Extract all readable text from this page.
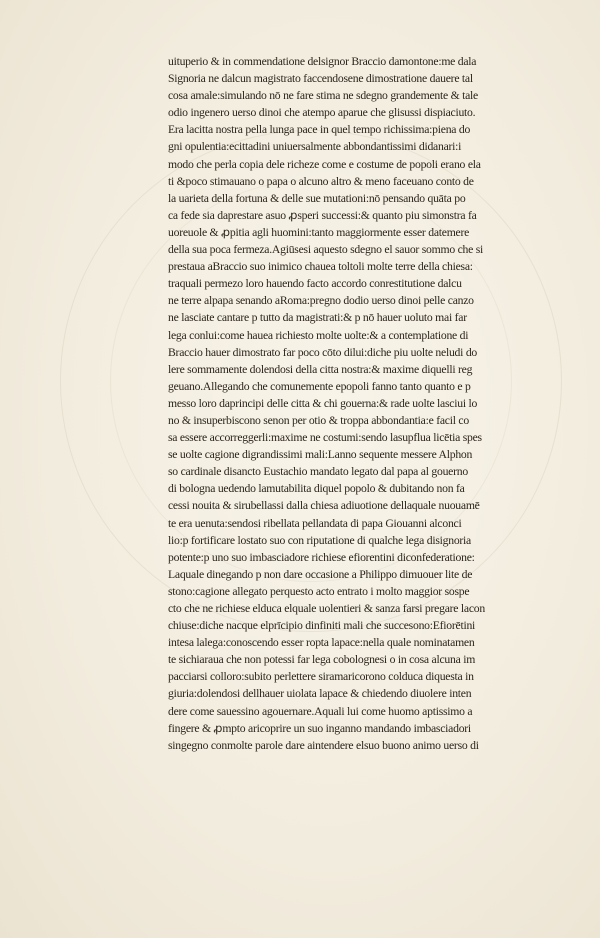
uituperio & in commendatione delsignor Braccio damontone:me dala
Signoria ne dalcun magistrato faccendosene dimostratione dauere tal
cosa amale:simulando nō ne fare stima ne sdegno grandemente & tale
odio ingenero uerso dinoi che atempo aparue che glisussi dispiaciuto.
Era lacitta nostra pella lunga pace in quel tempo richissima:piena do
gni opulentia:ecittadini uniuersalmente abbondantissimi didanari:i
modo che perla copia dele richeze come e costume de popoli erano ela
ti &poco stimauano o papa o alcuno altro & meno faceuano conto de
la uarieta della fortuna & delle sue mutationi:nō pensando quāta po
ca fede sia daprestare asuo ꝓsperi successi:& quanto piu simonstra fa
uoreuole & ꝓpitia agli huomini:tanto maggiormente esser datemere
della sua poca fermeza.Agiūsesi aquesto sdegno el sauor sommo che si
prestaua aBraccio suo inimico chauea toltoli molte terre della chiesa:
traquali permezo loro hauendo facto accordo conrestitutione dalcu
ne terre alpapa senando aRoma:pregno dodio uerso dinoi pelle canzo
ne lasciate cantare p tutto da magistrati:& p nō hauer uoluto mai far
lega conlui:come hauea richiesto molte uolte:& a contemplatione di
Braccio hauer dimostrato far poco cōto dilui:diche piu uolte neludi do
lere sommamente dolendosi della citta nostra:& maxime diquelli reg
geuano.Allegando che comunemente epopoli fanno tanto quanto e p
messo loro daprincipi delle citta & chi gouerna:& rade uolte lasciui lo
no & insuperbiscono senon per otio & troppa abbondantia:e facil co
sa essere accorreggerli:maxime ne costumi:sendo lasupflua licētia spes
se uolte cagione digrandissimi mali:Lanno sequente messere Alphon
so cardinale disancto Eustachio mandato legato dal papa al gouerno
di bologna uedendo lamutabilita diquel popolo & dubitando non fa
cessi nouita & sirubellassi dalla chiesa adiuotione dellaquale nuouamē
te era uenuta:sendosi ribellata pellandata di papa Giouanni alconci
lio:p fortificare lostato suo con riputatione di qualche lega disignoria
potente:p uno suo imbasciadore richiese efiorentini diconfederatione:
Laquale dinegando p non dare occasione a Philippo dimuouer lite de
stono:cagione allegato perquesto acto entrato i molto maggior sospe
cto che ne richiese elduca elquale uolentieri & sanza farsi pregare lacon
chiuse:diche nacque elprīcipio dinfiniti mali che succesono:Efiorētini
intesa lalega:conoscendo esser ropta lapace:nella quale nominatamen
te sichiaraua che non potessi far lega cobolognesi o in cosa alcuna im
pacciarsi colloro:subito perlettere siramaricorono colduca diquesta in
giuria:dolendosi dellhauer uiolata lapace & chiedendo diuolere inten
dere come sauessino agouernare.Aquali lui come huomo aptissimo a
fingere & ꝓmpto aricoprire un suo inganno mandando imbasciadori
singegno conmolte parole dare aintendere elsuo buono animo uerso di
